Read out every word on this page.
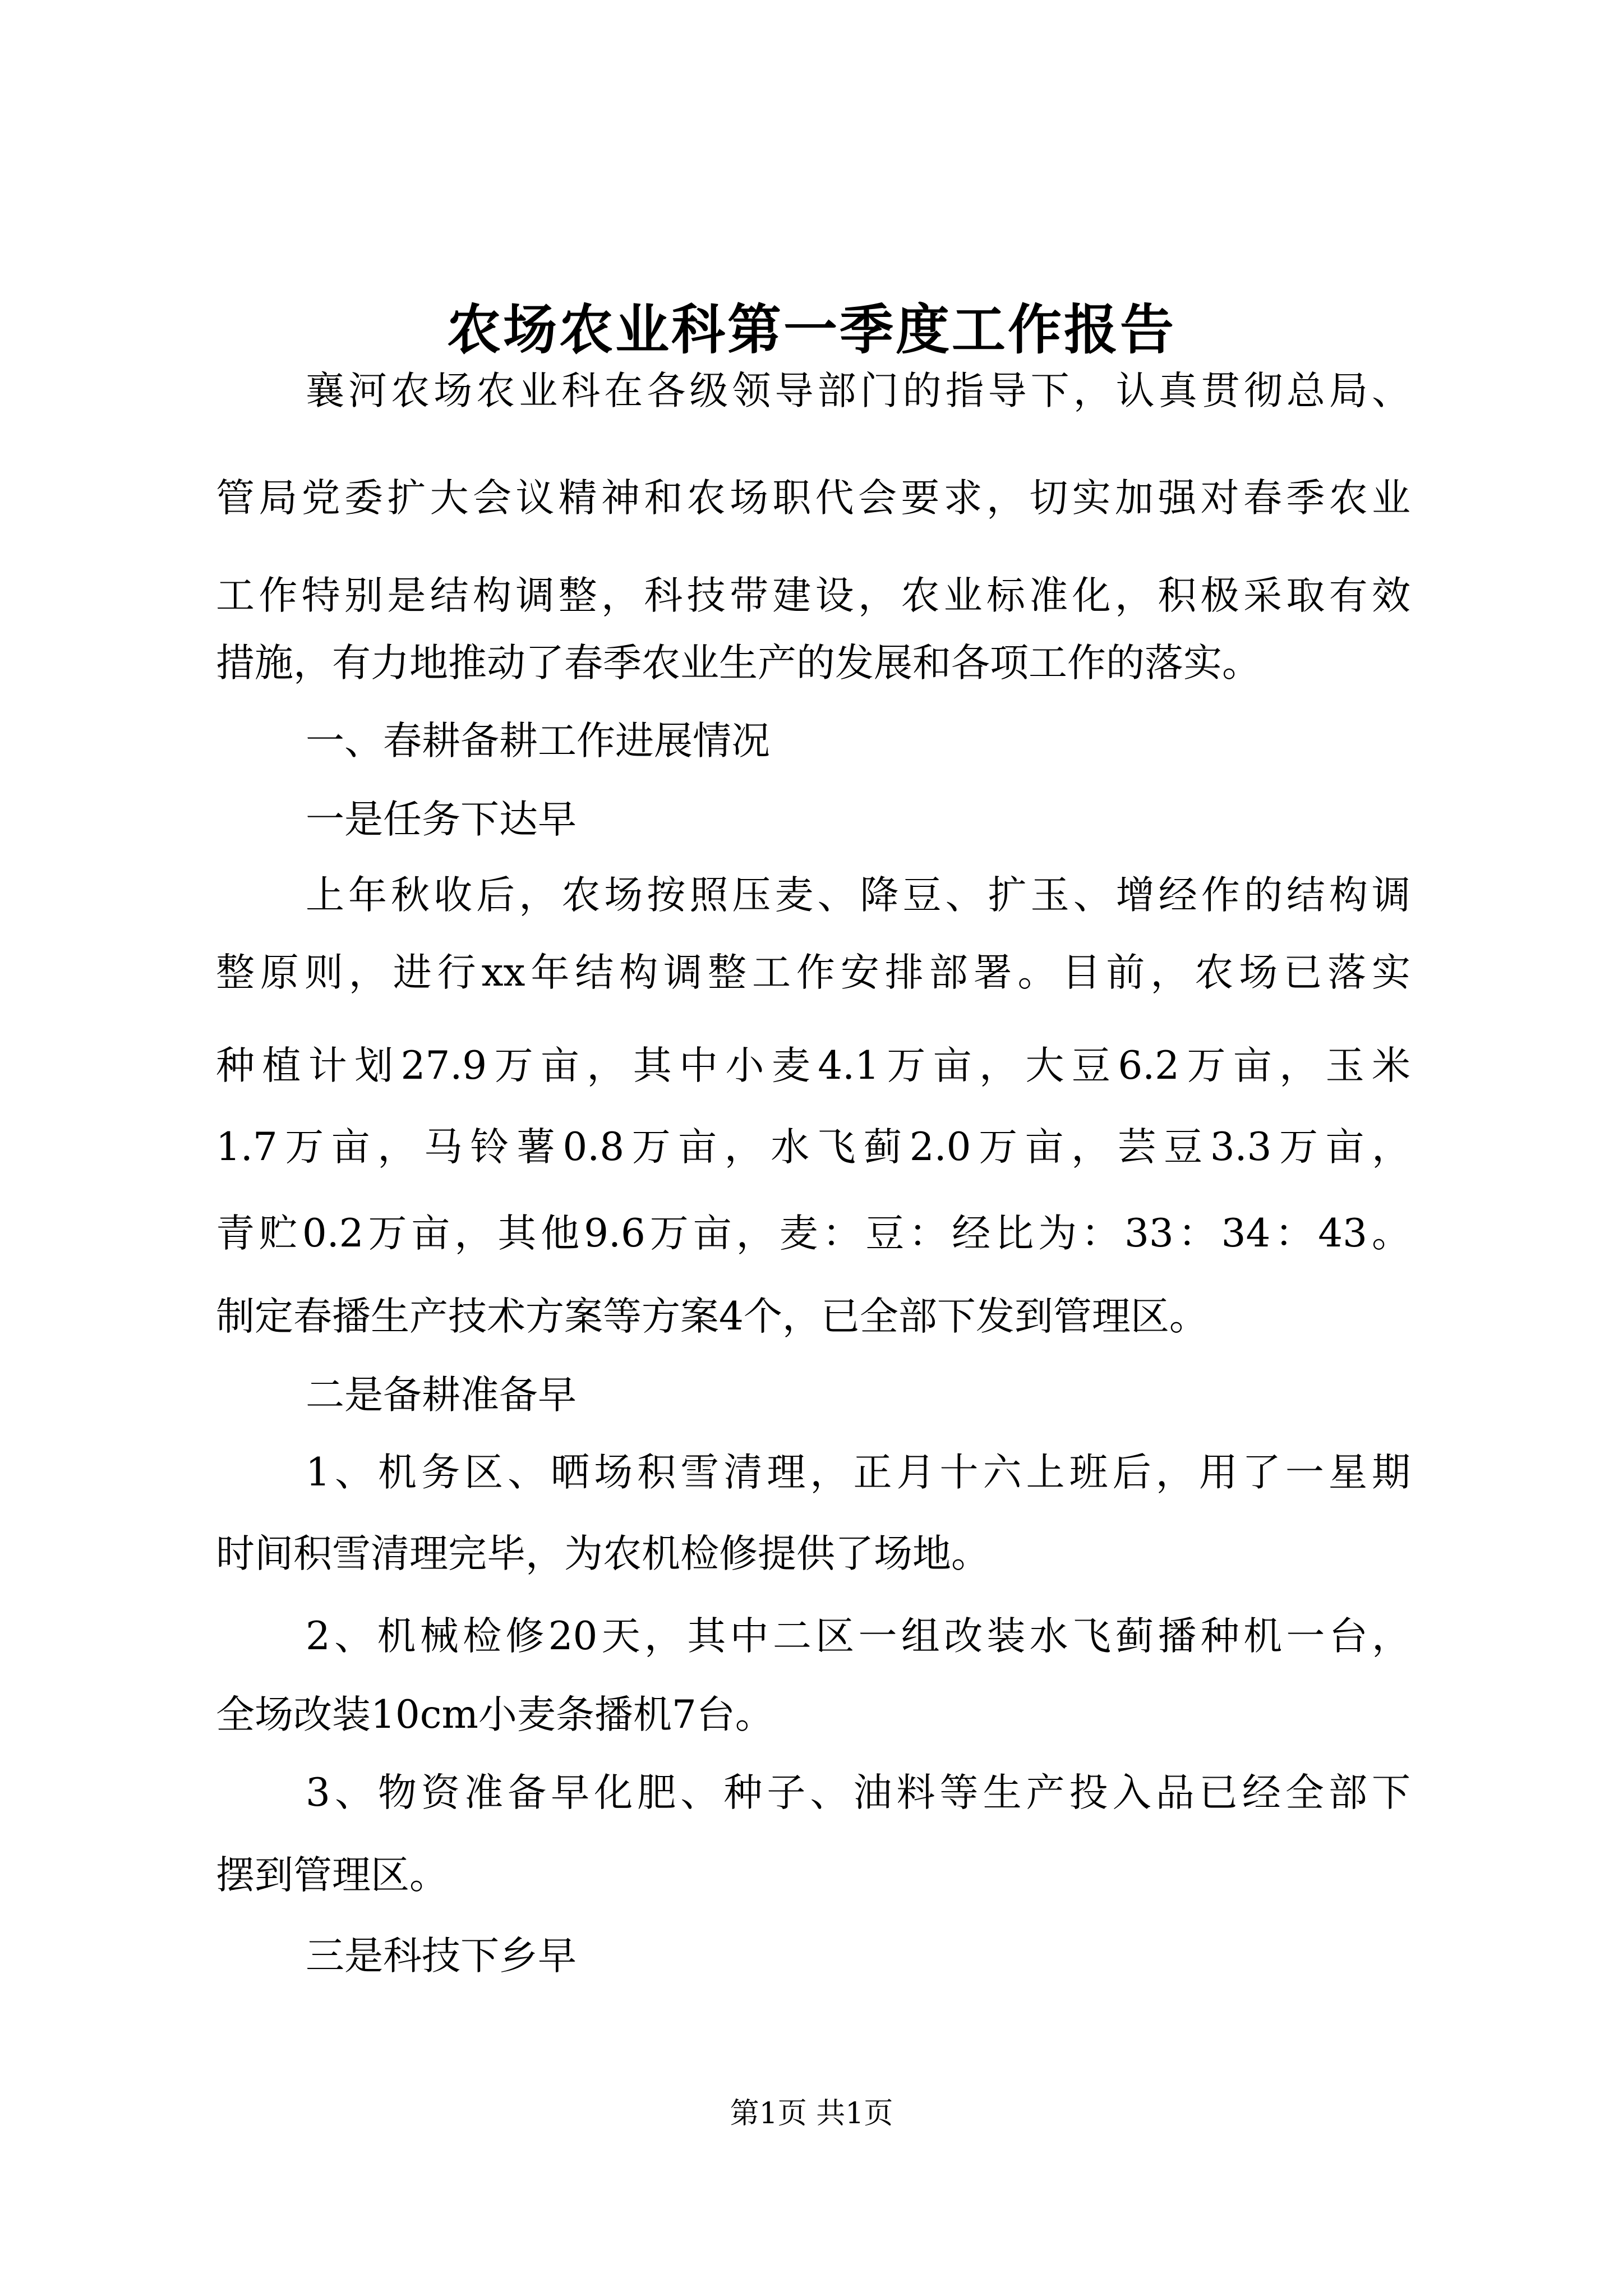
农场农业科第一季度工作报告

襄河农场农业科在各级领导部门的指导下，认真贯彻总局、

管局党委扩大会议精神和农场职代会要求，切实加强对春季农业

工作特别是结构调整，科技带建设，农业标准化，积极采取有效

措施，有力地推动了春季农业生产的发展和各项工作的落实。

一、春耕备耕工作进展情况

一是任务下达早

上年秋收后，农场按照压麦、降豆、扩玉、增经作的结构调

整原则，进行xx年结构调整工作安排部署。目前，农场已落实

种植计划27.9万亩，其中小麦4.1万亩，大豆6.2万亩，玉米

1.7万亩，马铃薯0.8万亩，水飞蓟2.0万亩，芸豆3.3万亩，

青贮0.2万亩，其他9.6万亩，麦：豆：经比为：33：34：43。

制定春播生产技术方案等方案4个，已全部下发到管理区。

二是备耕准备早

1、机务区、晒场积雪清理，正月十六上班后，用了一星期

时间积雪清理完毕，为农机检修提供了场地。

2、机械检修20天，其中二区一组改装水飞蓟播种机一台，

全场改装10cm小麦条播机7台。

3、物资准备早化肥、种子、油料等生产投入品已经全部下

摆到管理区。

三是科技下乡早

第1页 共1页
